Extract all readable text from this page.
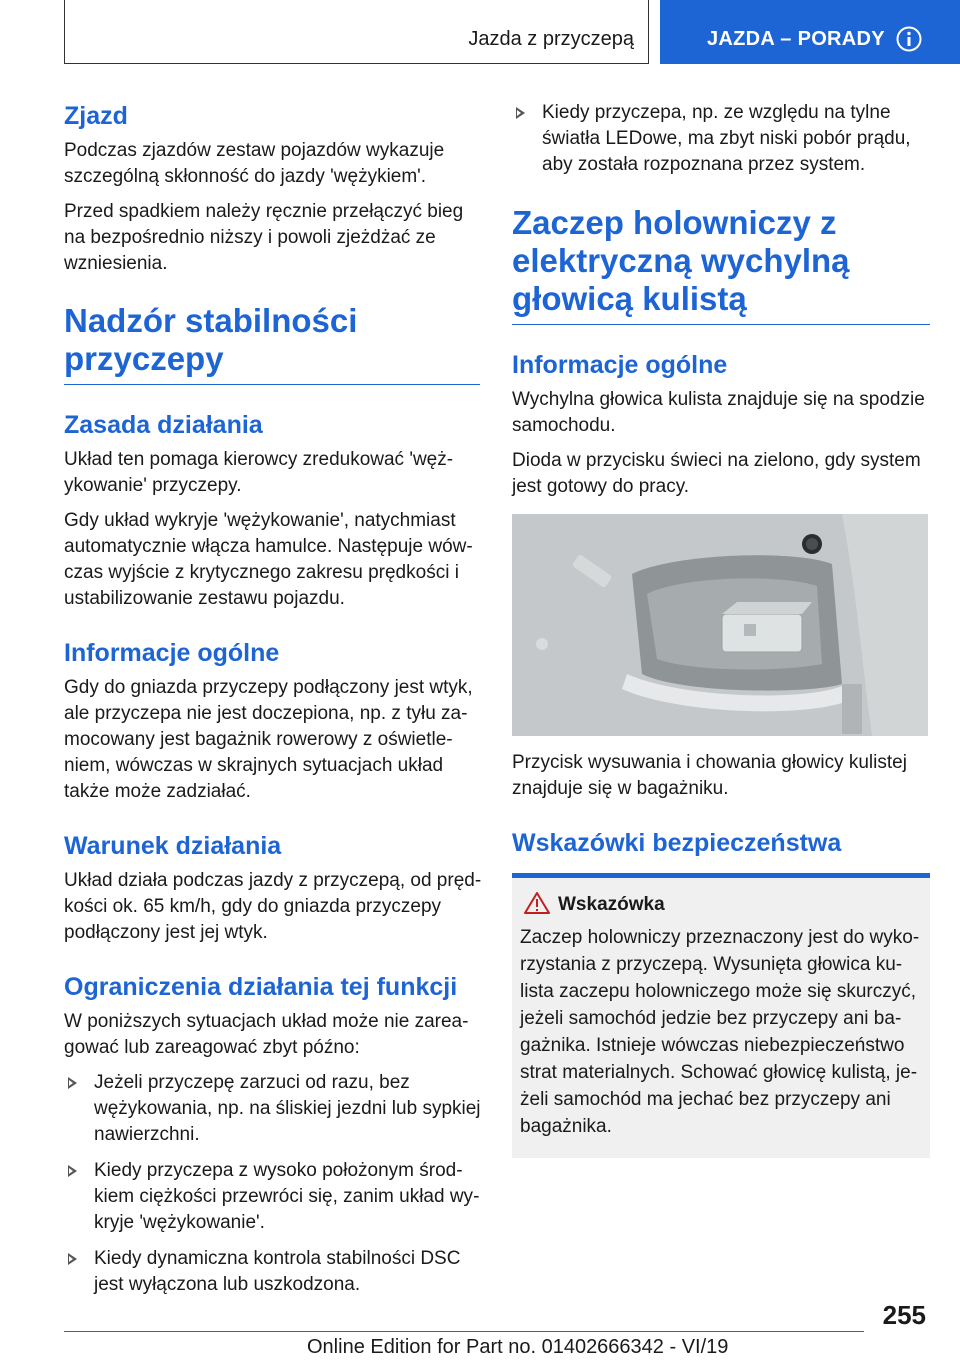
Jazda z przyczepą	JAZDA – PORADY
Zjazd

Podczas zjazdów zestaw pojazdów wykazuje szczególną skłonność do jazdy 'wężykiem'.

Przed spadkiem należy ręcznie przełączyć bieg na bezpośrednio niższy i powoli zjeżdżać ze wzniesienia.

Nadzór stabilności przyczepy
Zasada działania

Układ ten pomaga kierowcy zredukować 'wężykowanie' przyczepy.

Gdy układ wykryje 'wężykowanie', natychmiast automatycznie włącza hamulce. Następuje wówczas wyjście z krytycznego zakresu prędkości i ustabilizowanie zestawu pojazdu.

Informacje ogólne

Gdy do gniazda przyczepy podłączony jest wtyk, ale przyczepa nie jest doczepiona, np. z tyłu zamocowany jest bagażnik rowerowy z oświetleniem, wówczas w skrajnych sytuacjach układ także może zadziałać.

Warunek działania

Układ działa podczas jazdy z przyczepą, od prędkości ok. 65 km/h, gdy do gniazda przyczepy podłączony jest jej wtyk.

Ograniczenia działania tej funkcji

W poniższych sytuacjach układ może nie zareagować lub zareagować zbyt późno:

Jeżeli przyczepę zarzuci od razu, bez wężykowania, np. na śliskiej jezdni lub sypkiej nawierzchni.
Kiedy przyczepa z wysoko położonym środkiem ciężkości przewróci się, zanim układ wykryje 'wężykowanie'.
Kiedy dynamiczna kontrola stabilności DSC jest wyłączona lub uszkodzona.
Kiedy przyczepa, np. ze względu na tylne światła LEDowe, ma zbyt niski pobór prądu, aby została rozpoznana przez system.
Zaczep holowniczy z elektryczną wychylną głowicą kulistą
Informacje ogólne

Wychylna głowica kulista znajduje się na spodzie samochodu.

Dioda w przycisku świeci na zielono, gdy system jest gotowy do pracy.

Przycisk wysuwania i chowania głowicy kulistej znajduje się w bagażniku.

Wskazówki bezpieczeństwa
Wskazówka

Zaczep holowniczy przeznaczony jest do wykorzystania z przyczepą. Wysunięta głowica kulista zaczepu holowniczego może się skurczyć, jeżeli samochód jedzie bez przyczepy ani bagażnika. Istnieje wówczas niebezpieczeństwo strat materialnych. Schować głowicę kulistą, jeżeli samochód ma jechać bez przyczepy ani bagażnika.

255
Online Edition for Part no. 01402666342 - VI/19
